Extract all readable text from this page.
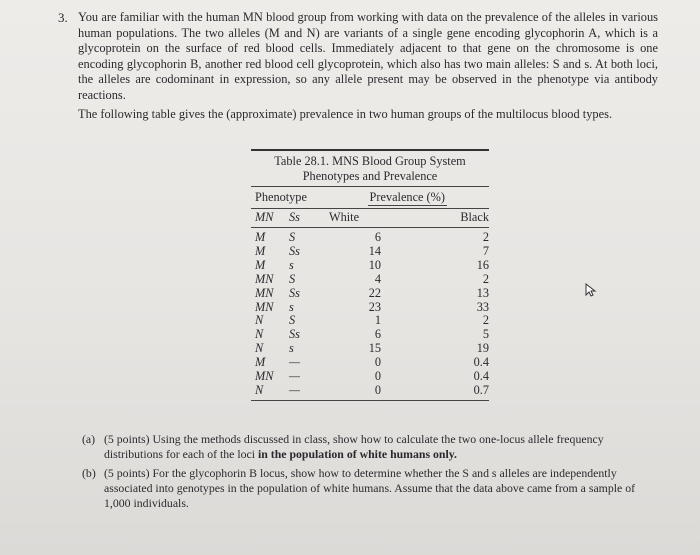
3. You are familiar with the human MN blood group from working with data on the prevalence of the alleles in various human populations. The two alleles (M and N) are variants of a single gene encoding glycophorin A, which is a glycoprotein on the surface of red blood cells. Immediately adjacent to that gene on the chromosome is one encoding glycophorin B, another red blood cell glycoprotein, which also has two main alleles: S and s. At both loci, the alleles are codominant in expression, so any allele present may be observed in the phenotype via antibody reactions.

The following table gives the (approximate) prevalence in two human groups of the multilocus blood types.

Table 28.1. MNS Blood Group System
Phenotypes and Prevalence
Phenotype	Prevalence (%)
MN	Ss	White	Black
M	S	6	2
M	Ss	14	7
M	s	10	16
MN	S	4	2
MN	Ss	22	13
MN	s	23	33
N	S	1	2
N	Ss	6	5
N	s	15	19
M	—	0	0.4
MN	—	0	0.4
N	—	0	0.7
(a) (5 points) Using the methods discussed in class, show how to calculate the two one-locus allele frequency distributions for each of the loci in the population of white humans only.
(b) (5 points) For the glycophorin B locus, show how to determine whether the S and s alleles are independently associated into genotypes in the population of white humans. Assume that the data above came from a sample of 1,000 individuals.
